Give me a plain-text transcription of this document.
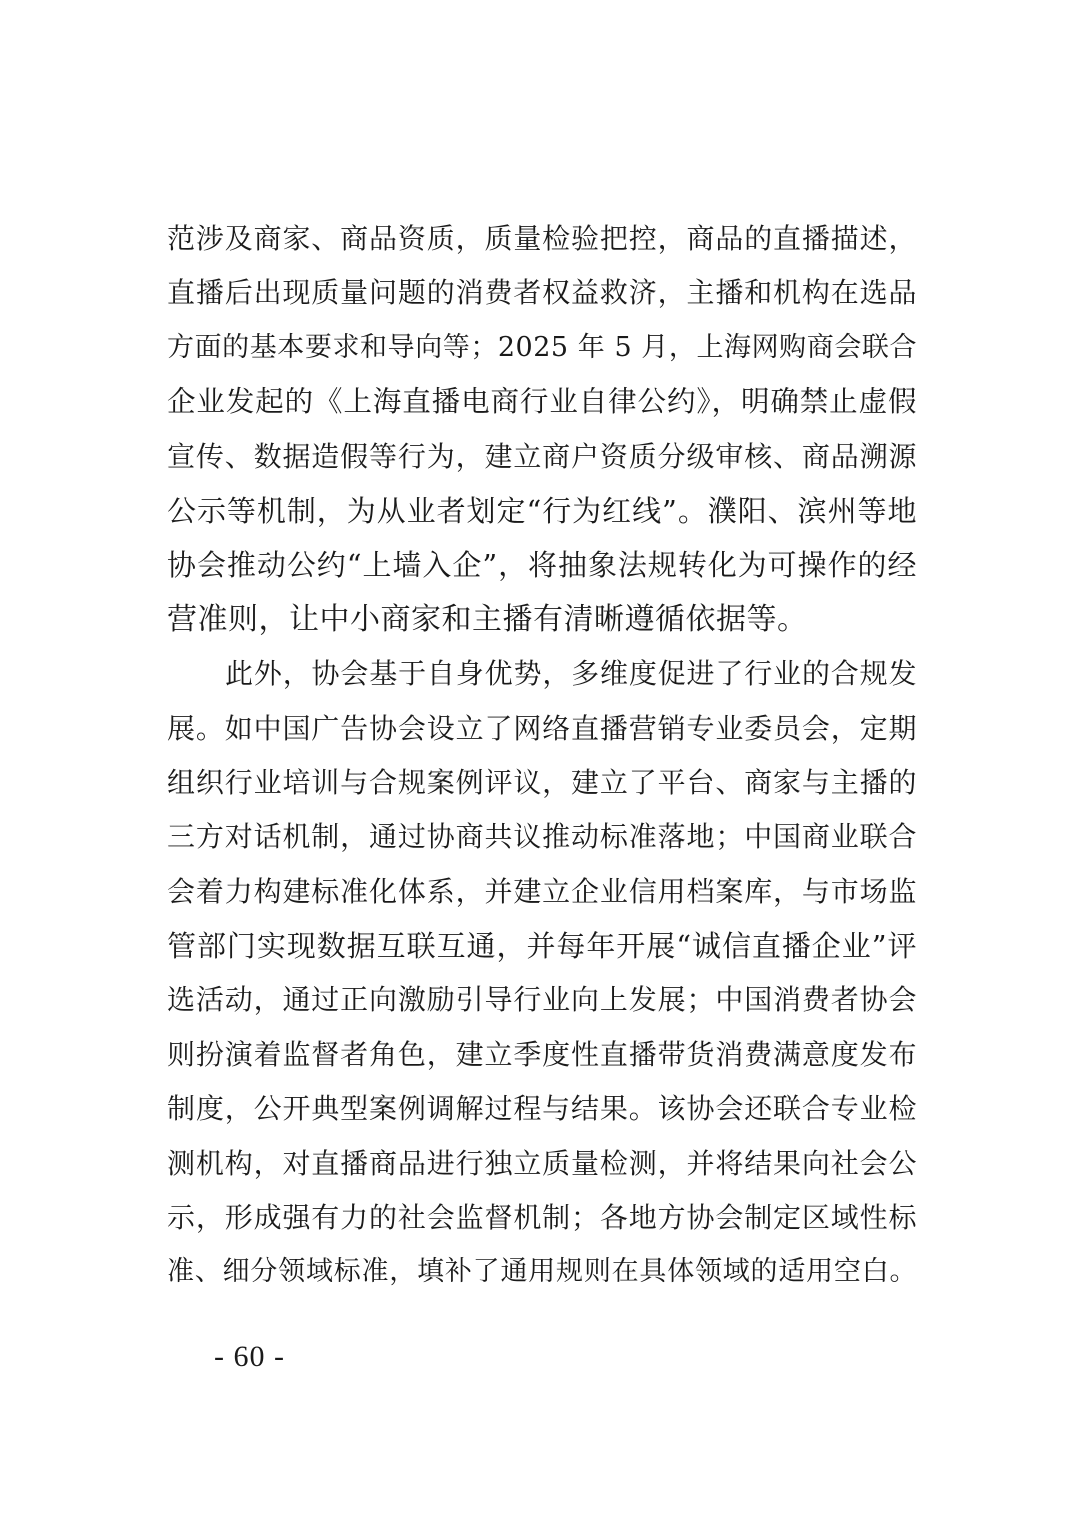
范涉及商家、商品资质，质量检验把控，商品的直播描述，
直播后出现质量问题的消费者权益救济，主播和机构在选品
方面的基本要求和导向等；2025 年 5 月，上海网购商会联合
企业发起的《上海直播电商行业自律公约》，明确禁止虚假
宣传、数据造假等行为，建立商户资质分级审核、商品溯源
公示等机制，为从业者划定“行为红线”。濮阳、滨州等地
协会推动公约“上墙入企”，将抽象法规转化为可操作的经
营准则，让中小商家和主播有清晰遵循依据等。
此外，协会基于自身优势，多维度促进了行业的合规发
展。如中国广告协会设立了网络直播营销专业委员会，定期
组织行业培训与合规案例评议，建立了平台、商家与主播的
三方对话机制，通过协商共议推动标准落地；中国商业联合
会着力构建标准化体系，并建立企业信用档案库，与市场监
管部门实现数据互联互通，并每年开展“诚信直播企业”评
选活动，通过正向激励引导行业向上发展；中国消费者协会
则扮演着监督者角色，建立季度性直播带货消费满意度发布
制度，公开典型案例调解过程与结果。该协会还联合专业检
测机构，对直播商品进行独立质量检测，并将结果向社会公
示，形成强有力的社会监督机制；各地方协会制定区域性标
准、细分领域标准，填补了通用规则在具体领域的适用空白。
- 60 -
